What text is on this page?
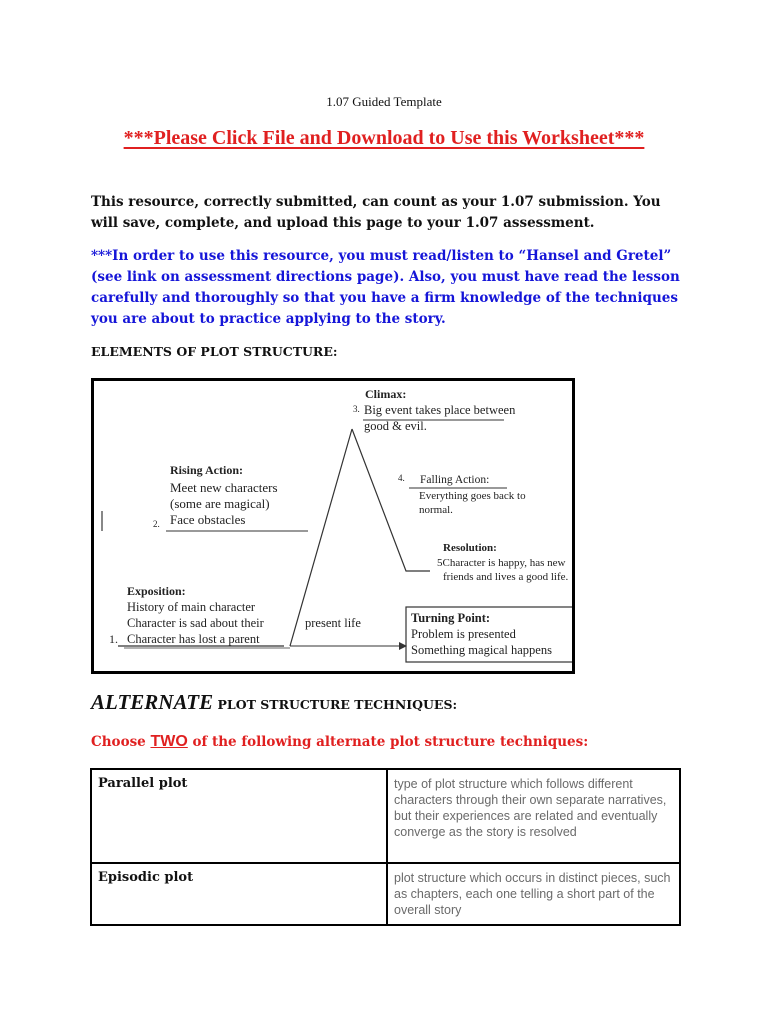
1.07 Guided Template
***Please Click File and Download to Use this Worksheet***
This resource, correctly submitted, can count as your 1.07 submission. You will save, complete, and upload this page to your 1.07 assessment.
***In order to use this resource, you must read/listen to “Hansel and Gretel” (see link on assessment directions page). Also, you must have read the lesson carefully and thoroughly so that you have a firm knowledge of the techniques you are about to practice applying to the story.
ELEMENTS OF PLOT STRUCTURE:
Climax:
3. Big event takes place between
good & evil.
Rising Action:
Meet new characters
(some are magical)
2. Face obstacles
4. Falling Action:
Everything goes back to
normal.
Resolution:
5Character is happy, has new
friends and lives a good life.
Exposition:
History of main character
Character is sad about their	present life
1. Character has lost a parent
Turning Point:
Problem is presented
Something magical happens
ALTERNATE PLOT STRUCTURE TECHNIQUES:
Choose TWO of the following alternate plot structure techniques:
Parallel plot	type of plot structure which follows different characters through their own separate narratives, but their experiences are related and eventually converge as the story is resolved
Episodic plot	plot structure which occurs in distinct pieces, such as chapters, each one telling a short part of the overall story
